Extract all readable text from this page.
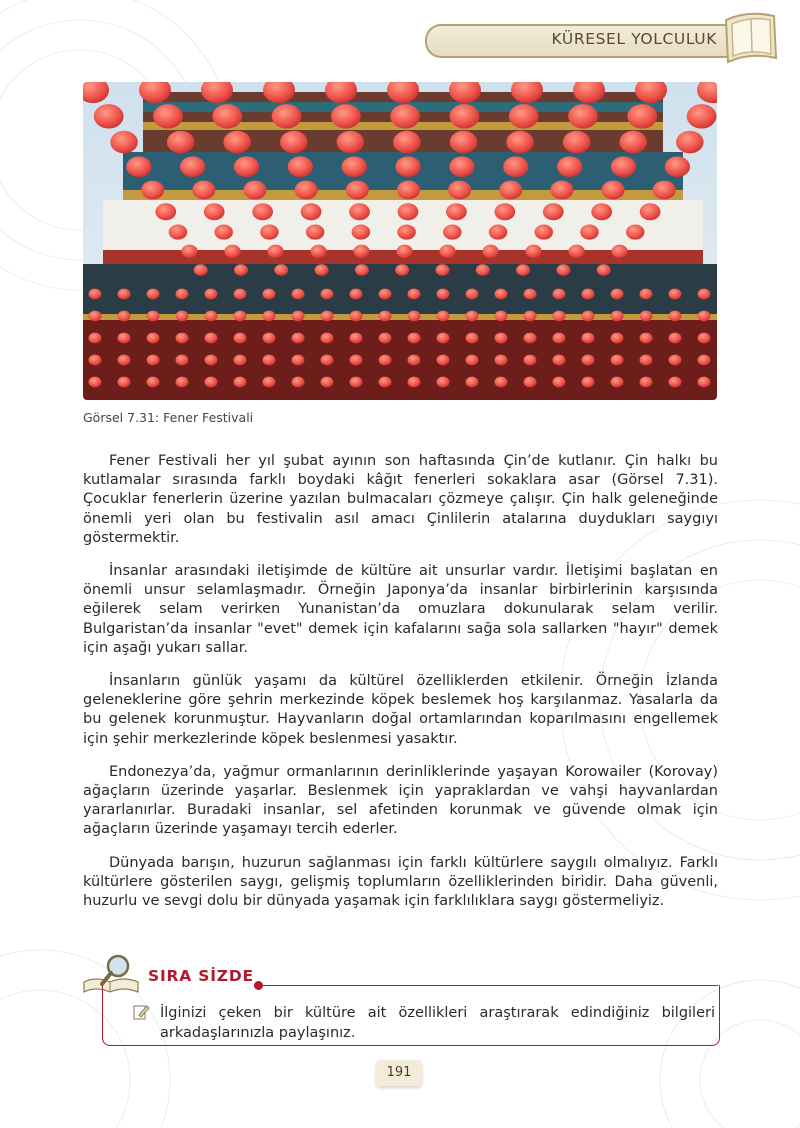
KÜRESEL YOLCULUK
Görsel 7.31: Fener Festivali

Fener Festivali her yıl şubat ayının son haftasında Çin’de kutlanır. Çin halkı bu kutlamalar sırasında farklı boydaki kâğıt fenerleri sokaklara asar (Görsel 7.31). Çocuklar fenerlerin üzerine yazılan bulmacaları çözmeye çalışır. Çin halk geleneğinde önemli yeri olan bu festivalin asıl amacı Çinlilerin atalarına duydukları saygıyı göstermektir.

İnsanlar arasındaki iletişimde de kültüre ait unsurlar vardır. İletişimi başlatan en önemli unsur selamlaşmadır. Örneğin Japonya’da insanlar birbirlerinin karşısında eğilerek selam verirken Yunanistan’da omuzlara dokunularak selam verilir. Bulgaristan’da insanlar "evet" demek için kafalarını sağa sola sallarken "hayır" demek için aşağı yukarı sallar.

İnsanların günlük yaşamı da kültürel özelliklerden etkilenir. Örneğin İzlanda geleneklerine göre şehrin merkezinde köpek beslemek hoş karşılanmaz. Yasalarla da bu gelenek korunmuştur. Hayvanların doğal ortamlarından koparılmasını engellemek için şehir merkezlerinde köpek beslenmesi yasaktır.

Endonezya’da, yağmur ormanlarının derinliklerinde yaşayan Korowailer (Korovay) ağaçların üzerinde yaşarlar. Beslenmek için yapraklardan ve vahşi hayvanlardan yararlanırlar. Buradaki insanlar, sel afetinden korunmak ve güvende olmak için ağaçların üzerinde yaşamayı tercih ederler.

Dünyada barışın, huzurun sağlanması için farklı kültürlere saygılı olmalıyız. Farklı kültürlere gösterilen saygı, gelişmiş toplumların özelliklerinden biridir. Daha güvenli, huzurlu ve sevgi dolu bir dünyada yaşamak için farklılıklara saygı göstermeliyiz.

SIRA SİZDE
İlginizi çeken bir kültüre ait özellikleri araştırarak edindiğiniz bilgileri arkadaşlarınızla paylaşınız.
191
